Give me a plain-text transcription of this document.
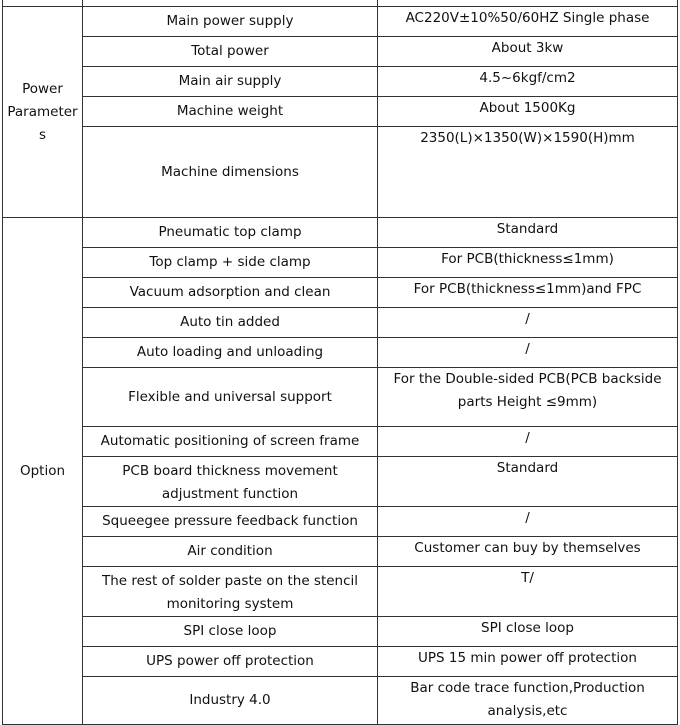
Power Parameters	Main power supply	AC220V±10%50/60HZ Single phase
	Total power	About 3kw
	Main air supply	4.5~6kgf/cm2
	Machine weight	About 1500Kg
	Machine dimensions	2350(L)×1350(W)×1590(H)mm
Option	Pneumatic top clamp	Standard
	Top clamp + side clamp	For PCB(thickness≤1mm)
	Vacuum adsorption and clean	For PCB(thickness≤1mm)and FPC
	Auto tin added	/
	Auto loading and unloading	/
	Flexible and universal support	For the Double-sided PCB(PCB backside parts Height ≤9mm)
	Automatic positioning of screen frame	/
	PCB board thickness movement adjustment function	Standard
	Squeegee pressure feedback function	/
	Air condition	Customer can buy by themselves
	The rest of solder paste on the stencil monitoring system	T/
	SPI close loop	SPI close loop
	UPS power off protection	UPS 15 min power off protection
	Industry 4.0	Bar code trace function,Production analysis,etc
